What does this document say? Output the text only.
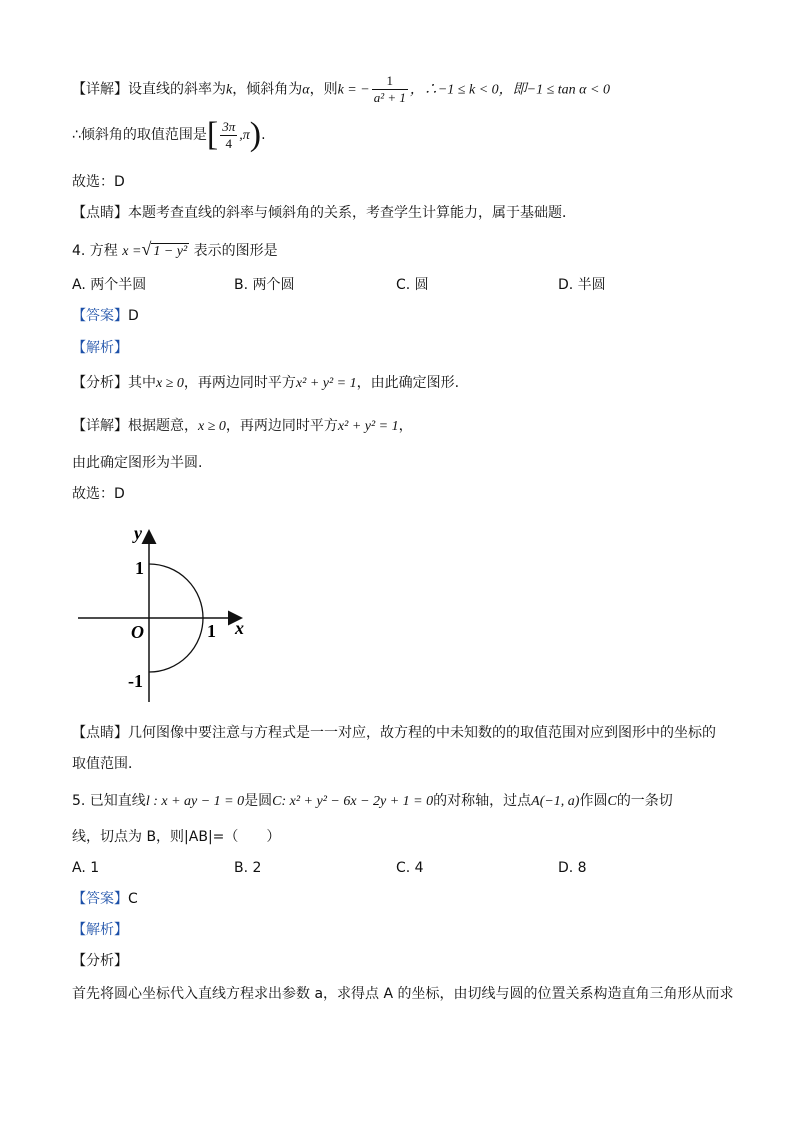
【详解】设直线的斜率为k，倾斜角为α，则k = − $\frac{1}{\text{a² + 1}}$ ，∴−1 ≤ k < 0，即−1 ≤ tan α < 0
∴倾斜角的取值范围是[ $\frac{3\pi}{4} ,\pi$).
故选：D
【点睛】本题考查直线的斜率与倾斜角的关系，考查学生计算能力，属于基础题．
4. 方程 x =√ 1 − y² 表示的图形是
A. 两个半圆	B. 两个圆	C. 圆	D. 半圆
【答案】D
【解析】
【分析】其中x ≥ 0，再两边同时平方x² + y² = 1，由此确定图形.
【详解】根据题意，x ≥ 0，再两边同时平方x² + y² = 1，
由此确定图形为半圆.
故选：D
y
x
O
1
1
-1
【点睛】几何图像中要注意与方程式是一一对应，故方程的中未知数的的取值范围对应到图形中的坐标的
取值范围．
5. 已知直线l : x + ay − 1 = 0是圆C: x² + y² − 6x − 2y + 1 = 0的对称轴，过点A(−1, a)作圆C的一条切
线，切点为 B，则|AB|=（　　）
A. 1	B. 2	C. 4	D. 8
【答案】C
【解析】
【分析】
首先将圆心坐标代入直线方程求出参数 a，求得点 A 的坐标，由切线与圆的位置关系构造直角三角形从而求
